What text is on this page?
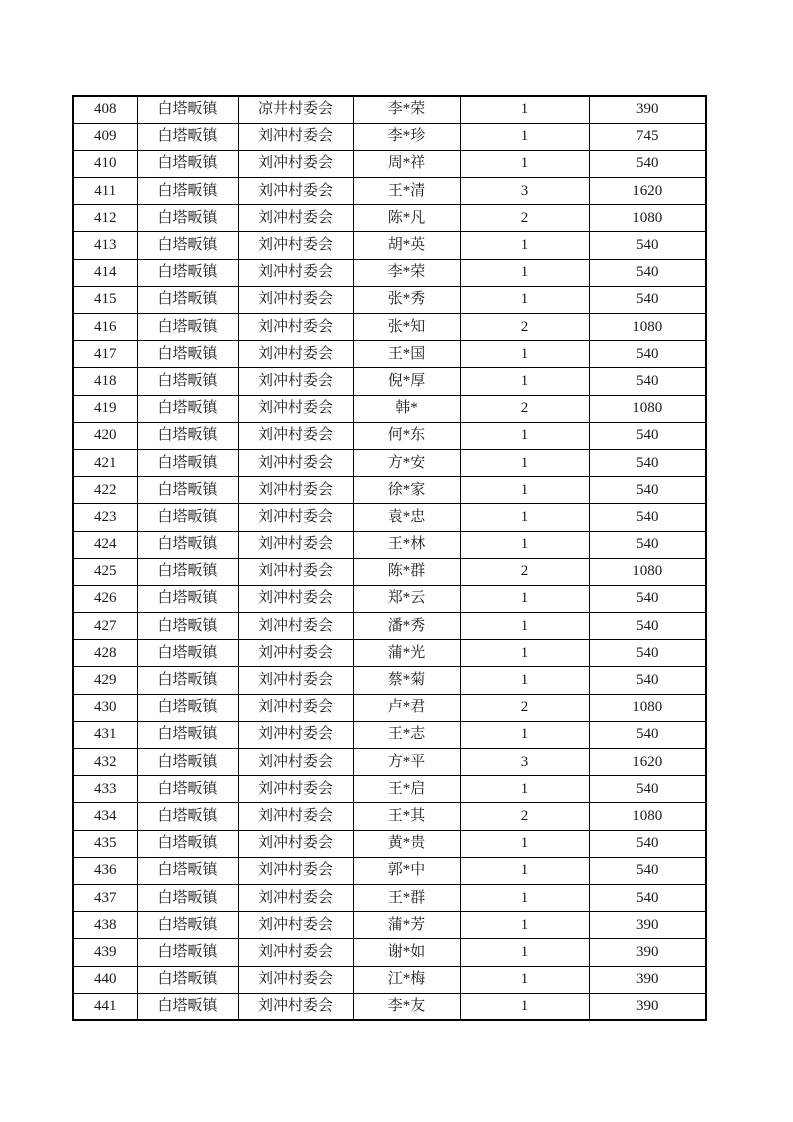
408	白塔畈镇	凉井村委会	李*荣	1	390
409	白塔畈镇	刘冲村委会	李*珍	1	745
410	白塔畈镇	刘冲村委会	周*祥	1	540
411	白塔畈镇	刘冲村委会	王*清	3	1620
412	白塔畈镇	刘冲村委会	陈*凡	2	1080
413	白塔畈镇	刘冲村委会	胡*英	1	540
414	白塔畈镇	刘冲村委会	李*荣	1	540
415	白塔畈镇	刘冲村委会	张*秀	1	540
416	白塔畈镇	刘冲村委会	张*知	2	1080
417	白塔畈镇	刘冲村委会	王*国	1	540
418	白塔畈镇	刘冲村委会	倪*厚	1	540
419	白塔畈镇	刘冲村委会	韩*	2	1080
420	白塔畈镇	刘冲村委会	何*东	1	540
421	白塔畈镇	刘冲村委会	方*安	1	540
422	白塔畈镇	刘冲村委会	徐*家	1	540
423	白塔畈镇	刘冲村委会	袁*忠	1	540
424	白塔畈镇	刘冲村委会	王*林	1	540
425	白塔畈镇	刘冲村委会	陈*群	2	1080
426	白塔畈镇	刘冲村委会	郑*云	1	540
427	白塔畈镇	刘冲村委会	潘*秀	1	540
428	白塔畈镇	刘冲村委会	蒲*光	1	540
429	白塔畈镇	刘冲村委会	蔡*菊	1	540
430	白塔畈镇	刘冲村委会	卢*君	2	1080
431	白塔畈镇	刘冲村委会	王*志	1	540
432	白塔畈镇	刘冲村委会	方*平	3	1620
433	白塔畈镇	刘冲村委会	王*启	1	540
434	白塔畈镇	刘冲村委会	王*其	2	1080
435	白塔畈镇	刘冲村委会	黄*贵	1	540
436	白塔畈镇	刘冲村委会	郭*中	1	540
437	白塔畈镇	刘冲村委会	王*群	1	540
438	白塔畈镇	刘冲村委会	蒲*芳	1	390
439	白塔畈镇	刘冲村委会	谢*如	1	390
440	白塔畈镇	刘冲村委会	江*梅	1	390
441	白塔畈镇	刘冲村委会	李*友	1	390
